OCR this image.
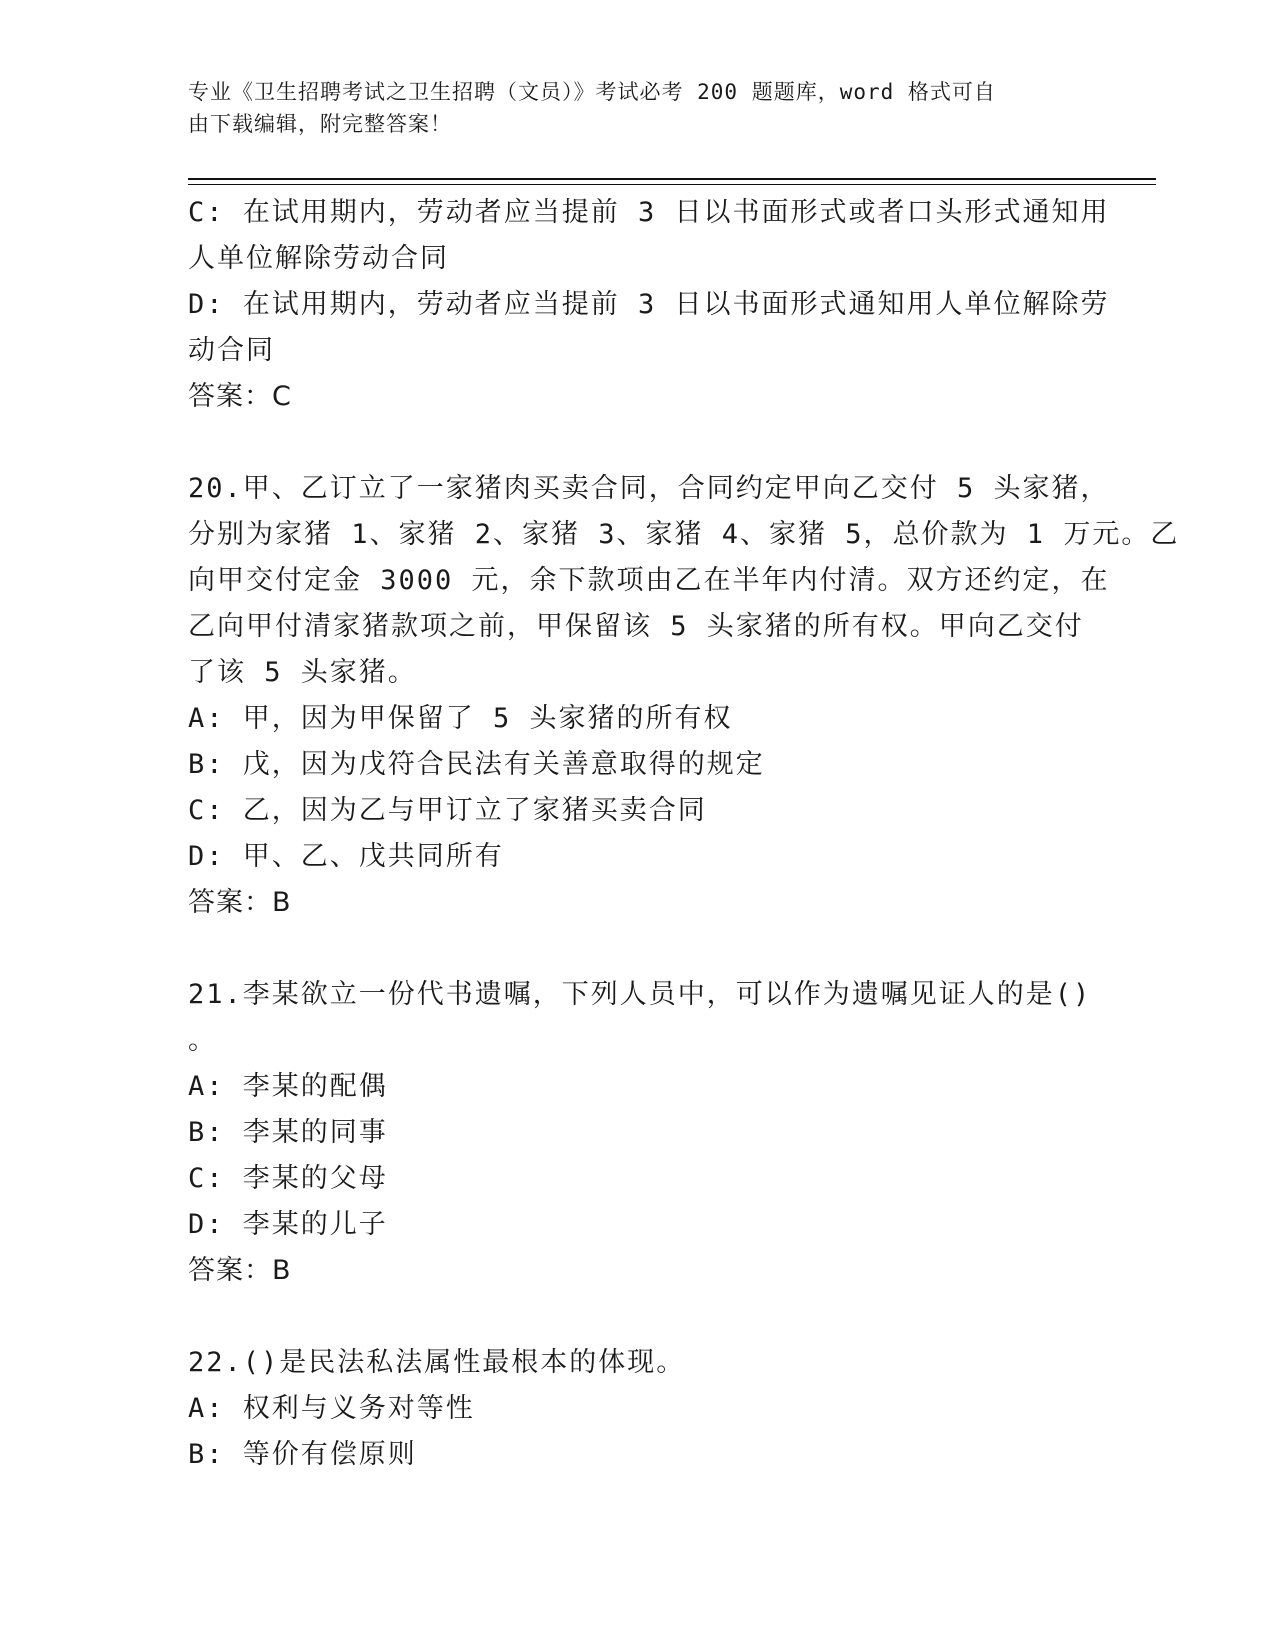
专业《卫生招聘考试之卫生招聘（文员）》考试必考 200 题题库，word 格式可自
由下载编辑，附完整答案！
C: 在试用期内，劳动者应当提前 3 日以书面形式或者口头形式通知用
人单位解除劳动合同
D: 在试用期内，劳动者应当提前 3 日以书面形式通知用人单位解除劳
动合同
答案：C
20.甲、乙订立了一家猪肉买卖合同，合同约定甲向乙交付 5 头家猪，
分别为家猪 1、家猪 2、家猪 3、家猪 4、家猪 5，总价款为 1 万元。乙
向甲交付定金 3000 元，余下款项由乙在半年内付清。双方还约定，在
乙向甲付清家猪款项之前，甲保留该 5 头家猪的所有权。甲向乙交付
了该 5 头家猪。
A: 甲，因为甲保留了 5 头家猪的所有权
B: 戊，因为戊符合民法有关善意取得的规定
C: 乙，因为乙与甲订立了家猪买卖合同
D: 甲、乙、戊共同所有
答案：B
21.李某欲立一份代书遗嘱，下列人员中，可以作为遗嘱见证人的是()
。
A: 李某的配偶
B: 李某的同事
C: 李某的父母
D: 李某的儿子
答案：B
22.()是民法私法属性最根本的体现。
A: 权利与义务对等性
B: 等价有偿原则
